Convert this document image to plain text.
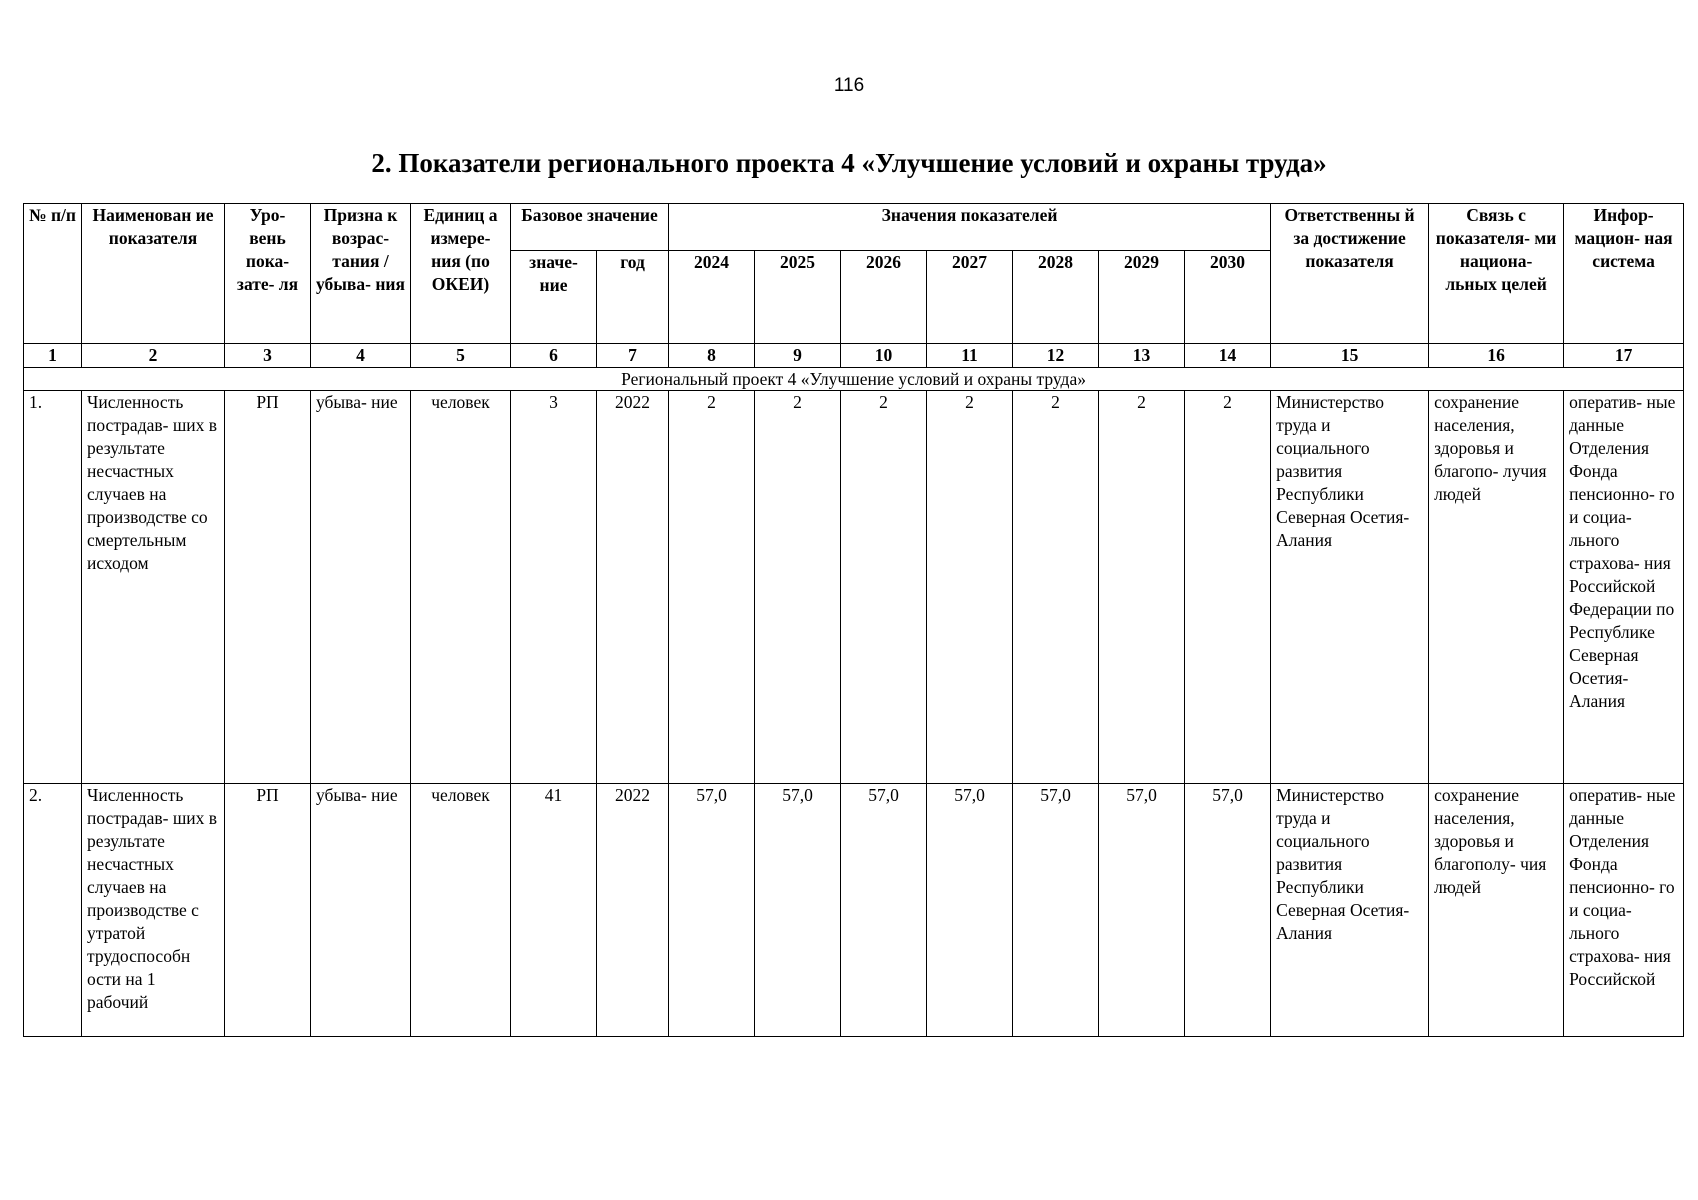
116
2. Показатели регионального проекта 4 «Улучшение условий и охраны труда»
№ п/п	Наименован ие показателя	Уро- вень пока- зате- ля	Призна к возрас- тания / убыва- ния	Единиц а измере- ния (по ОКЕИ)	Базовое значение		Значения показателей							Ответственны й за достижение показателя	Связь с показателя- ми национа- льных целей	Инфор- мацион- ная система
					значе- ние	год	2024	2025	2026	2027	2028	2029	2030			
1	2	3	4	5	6	7	8	9	10	11	12	13	14	15	16	17
Региональный проект 4 «Улучшение условий и охраны труда»																
1.	Численность пострадав- ших в результате несчастных случаев на производстве со смертельным исходом	РП	убыва- ние	человек	3	2022	2	2	2	2	2	2	2	Министерство труда и социального развития Республики Северная Осетия-Алания	сохранение населения, здоровья и благопо- лучия людей	оператив- ные данные Отделения Фонда пенсионно- го и социа- льного страхова- ния Российской Федерации по Республике Северная Осетия- Алания
2.	Численность пострадав- ших в результате несчастных случаев на производстве с утратой трудоспособн ости на 1 рабочий	РП	убыва- ние	человек	41	2022	57,0	57,0	57,0	57,0	57,0	57,0	57,0	Министерство труда и социального развития Республики Северная Осетия-Алания	сохранение населения, здоровья и благополу- чия людей	оператив- ные данные Отделения Фонда пенсионно- го и социа- льного страхова- ния Российской
